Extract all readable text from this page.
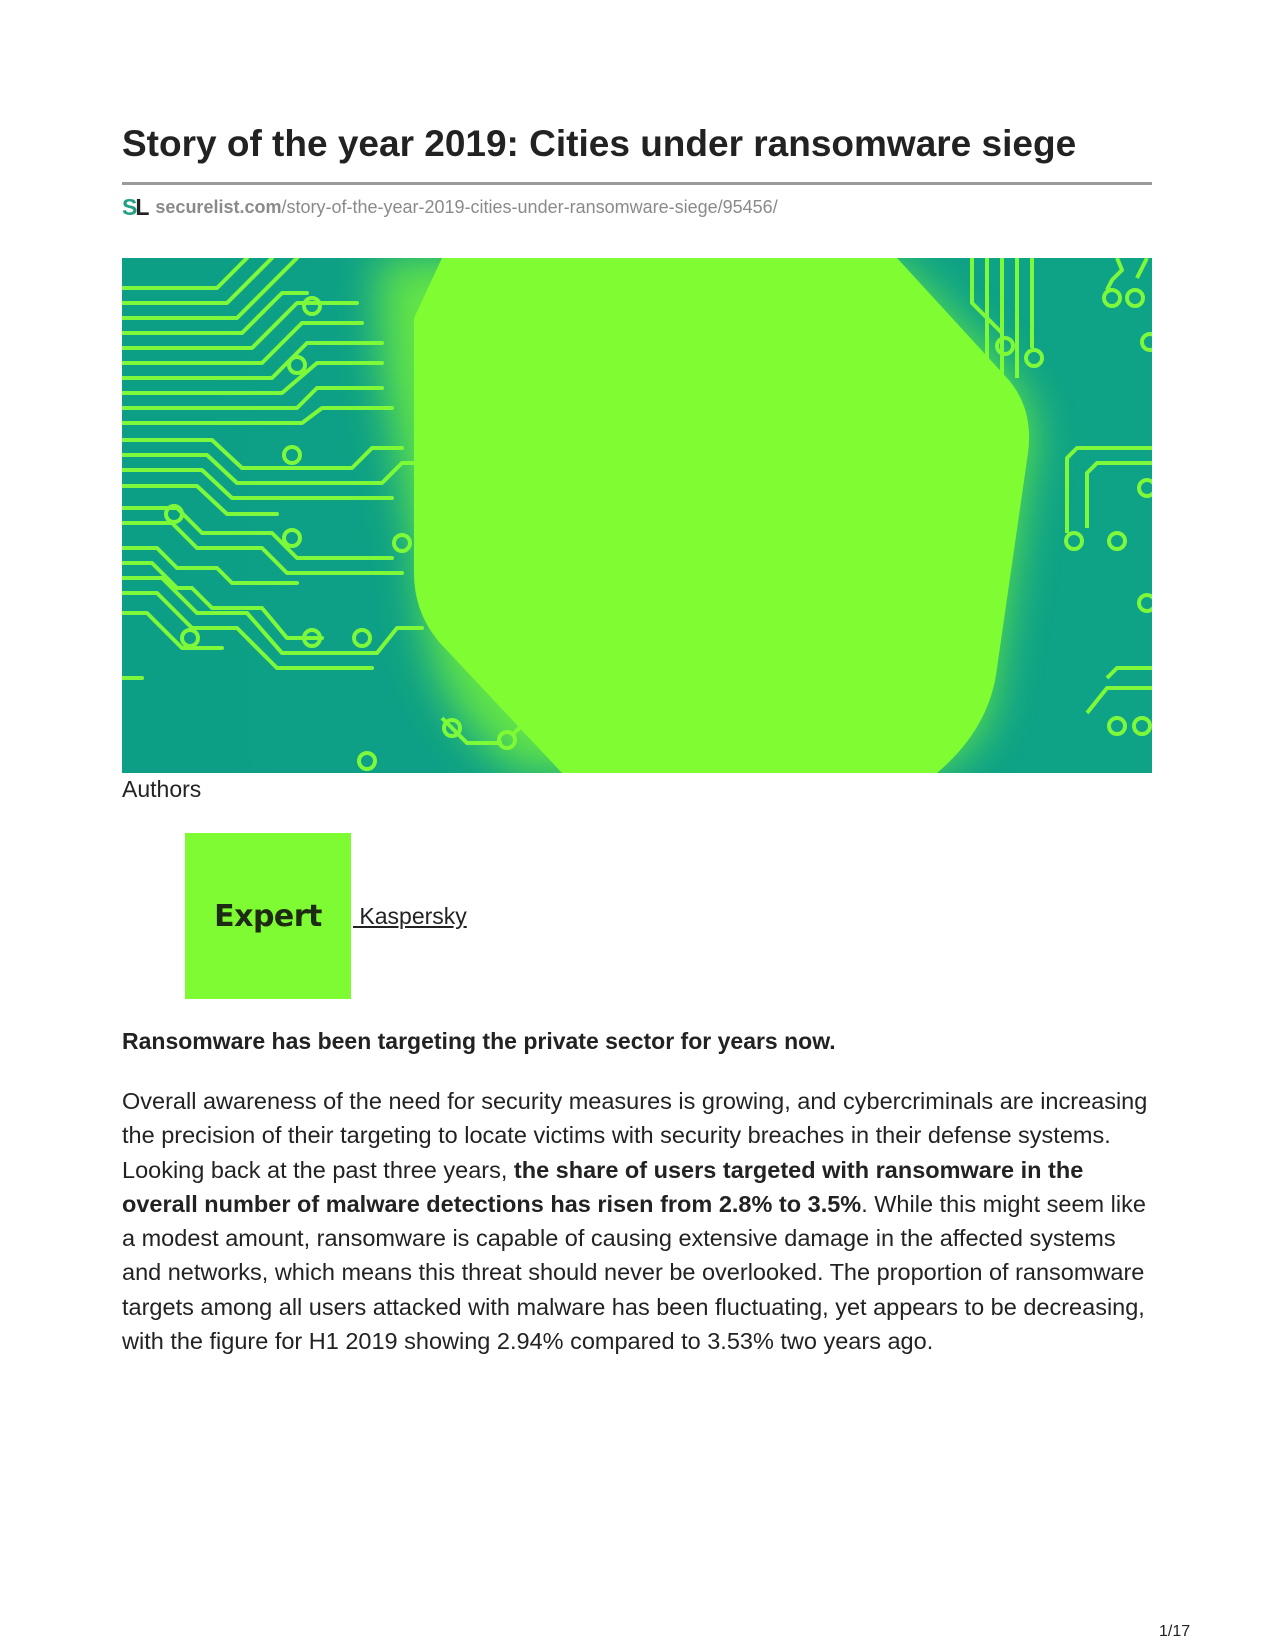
Story of the year 2019: Cities under ransomware siege
SL securelist.com /story-of-the-year-2019-cities-under-ransomware-siege/95456/
Authors
Expert Kaspersky

Ransomware has been targeting the private sector for years now.

Overall awareness of the need for security measures is growing, and cybercriminals are increasing the precision of their targeting to locate victims with security breaches in their defense systems. Looking back at the past three years, the share of users targeted with ransomware in the overall number of malware detections has risen from 2.8% to 3.5%. While this might seem like a modest amount, ransomware is capable of causing extensive damage in the affected systems and networks, which means this threat should never be overlooked. The proportion of ransomware targets among all users attacked with malware has been fluctuating, yet appears to be decreasing, with the figure for H1 2019 showing 2.94% compared to 3.53% two years ago.

1/17
